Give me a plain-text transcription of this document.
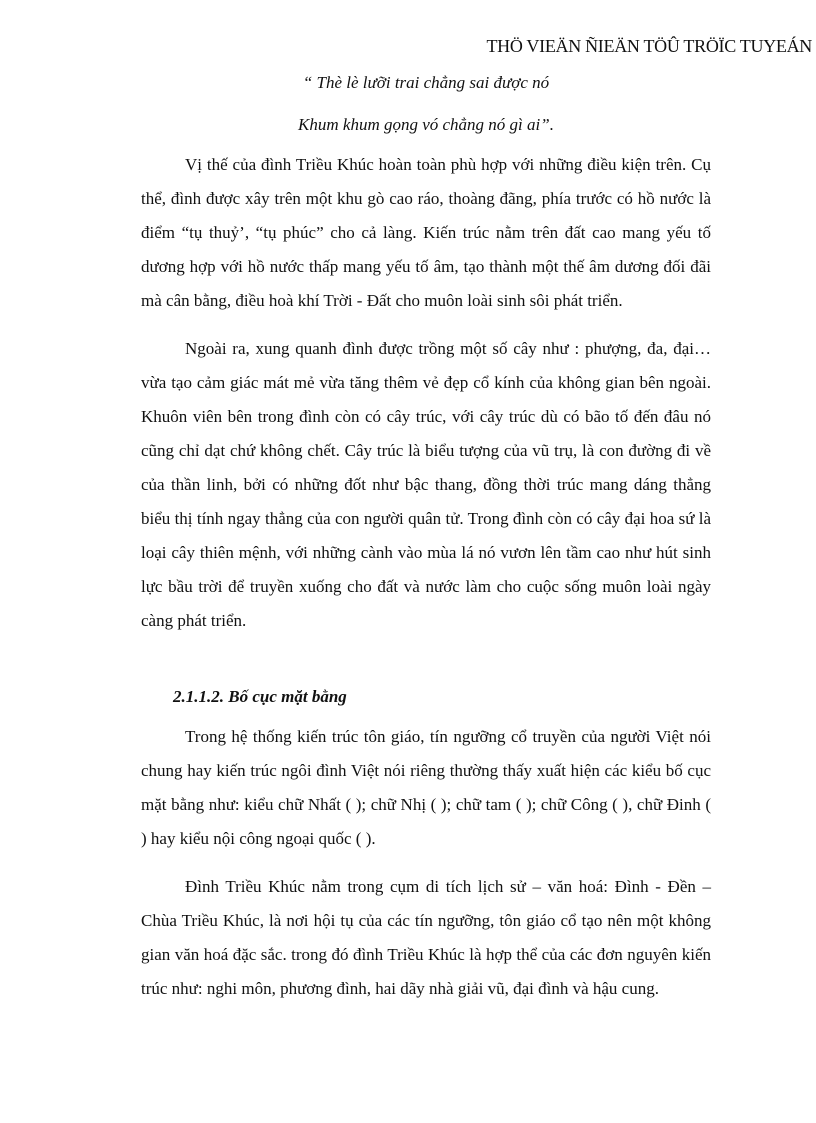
THÖ VIEÄN ÑIEÄN TÖÛ TRÖÏC TUYEÁN
“ Thè lè lưỡi trai chẳng sai được nó
Khum khum gọng vó chẳng nó gì ai”.

Vị thế của đình Triều Khúc hoàn toàn phù hợp với những điều kiện trên. Cụ thể, đình được xây trên một khu gò cao ráo, thoàng đãng, phía trước có hồ nước là điểm “tụ thuỷ’, “tụ phúc” cho cả làng. Kiến trúc nằm trên đất cao mang yếu tố dương hợp với hồ nước thấp mang yếu tố âm, tạo thành một thế âm dương đối đãi mà cân bằng, điều hoà khí Trời - Đất cho muôn loài sinh sôi phát triển.

Ngoài ra, xung quanh đình được trồng một số cây như : phượng, đa, đại… vừa tạo cảm giác mát mẻ vừa tăng thêm vẻ đẹp cổ kính của không gian bên ngoài. Khuôn viên bên trong đình còn có cây trúc, với cây trúc dù có bão tố đến đâu nó cũng chỉ dạt chứ không chết. Cây trúc là biểu tượng của vũ trụ, là con đường đi về của thần linh, bởi có những đốt như bậc thang, đồng thời trúc mang dáng thẳng biểu thị tính ngay thẳng của con người quân tử. Trong đình còn có cây đại hoa sứ là loại cây thiên mệnh, với những cành vào mùa lá nó vươn lên tầm cao như hút sinh lực bầu trời để truyền xuống cho đất và nước làm cho cuộc sống muôn loài ngày càng phát triển.

2.1.1.2. Bố cục mặt bằng

Trong hệ thống kiến trúc tôn giáo, tín ngưỡng cổ truyền của người Việt nói chung hay kiến trúc ngôi đình Việt nói riêng thường thấy xuất hiện các kiểu bố cục mặt bằng như: kiểu chữ Nhất ( ); chữ Nhị ( ); chữ tam ( ); chữ Công ( ), chữ Đinh ( ) hay kiểu nội công ngoại quốc ( ).

Đình Triều Khúc nằm trong cụm di tích lịch sử – văn hoá: Đình - Đền – Chùa Triều Khúc, là nơi hội tụ của các tín ngưỡng, tôn giáo cổ tạo nên một không gian văn hoá đặc sắc. trong đó đình Triều Khúc là hợp thể của các đơn nguyên kiến trúc như: nghi môn, phương đình, hai dãy nhà giải vũ, đại đình và hậu cung.
